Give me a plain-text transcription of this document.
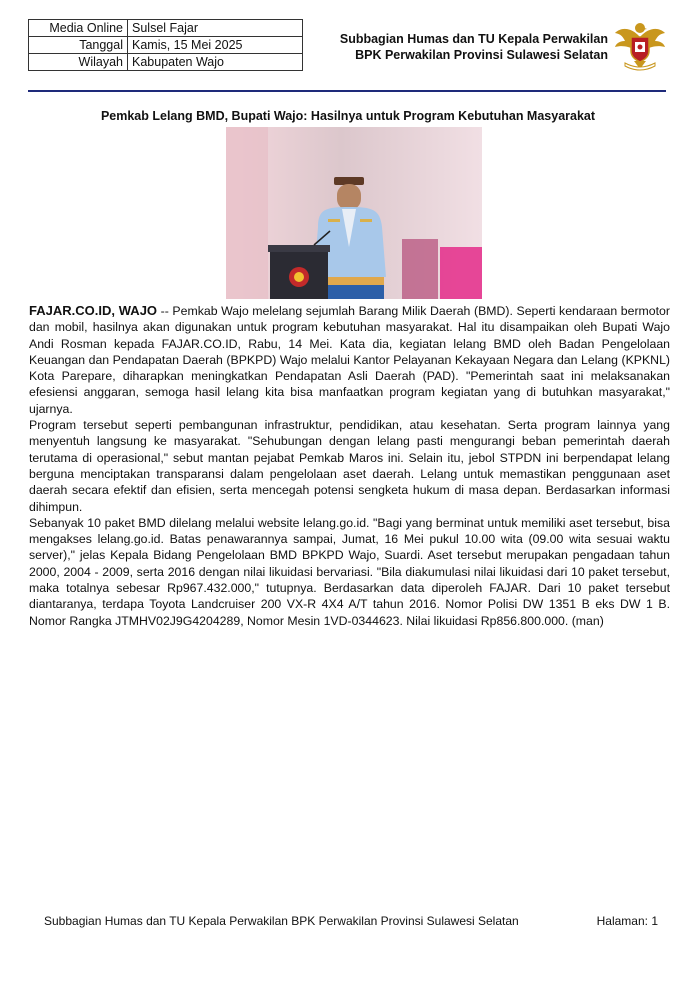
Media Online	Sulsel Fajar
Tanggal	Kamis, 15 Mei 2025
Wilayah	Kabupaten Wajo
Subbagian Humas dan TU Kepala Perwakilan
BPK Perwakilan Provinsi Sulawesi Selatan
Pemkab Lelang BMD, Bupati Wajo: Hasilnya untuk Program Kebutuhan Masyarakat

FAJAR.CO.ID, WAJO -- Pemkab Wajo melelang sejumlah Barang Milik Daerah (BMD). Seperti kendaraan bermotor dan mobil, hasilnya akan digunakan untuk program kebutuhan masyarakat. Hal itu disampaikan oleh Bupati Wajo Andi Rosman kepada FAJAR.CO.ID, Rabu, 14 Mei. Kata dia, kegiatan lelang BMD oleh Badan Pengelolaan Keuangan dan Pendapatan Daerah (BPKPD) Wajo melalui Kantor Pelayanan Kekayaan Negara dan Lelang (KPKNL) Kota Parepare, diharapkan meningkatkan Pendapatan Asli Daerah (PAD). "Pemerintah saat ini melaksanakan efesiensi anggaran, semoga hasil lelang kita bisa manfaatkan program kegiatan yang di butuhkan masyarakat," ujarnya.

Program tersebut seperti pembangunan infrastruktur, pendidikan, atau kesehatan. Serta program lainnya yang menyentuh langsung ke masyarakat. "Sehubungan dengan lelang pasti mengurangi beban pemerintah daerah terutama di operasional," sebut mantan pejabat Pemkab Maros ini. Selain itu, jebol STPDN ini berpendapat lelang berguna menciptakan transparansi dalam pengelolaan aset daerah. Lelang untuk memastikan penggunaan aset daerah secara efektif dan efisien, serta mencegah potensi sengketa hukum di masa depan. Berdasarkan informasi dihimpun.

Sebanyak 10 paket BMD dilelang melalui website lelang.go.id. "Bagi yang berminat untuk memiliki aset tersebut, bisa mengakses lelang.go.id. Batas penawarannya sampai, Jumat, 16 Mei pukul 10.00 wita (09.00 wita sesuai waktu server)," jelas Kepala Bidang Pengelolaan BMD BPKPD Wajo, Suardi. Aset tersebut merupakan pengadaan tahun 2000, 2004 - 2009, serta 2016 dengan nilai likuidasi bervariasi. "Bila diakumulasi nilai likuidasi dari 10 paket tersebut, maka totalnya sebesar Rp967.432.000," tutupnya. Berdasarkan data diperoleh FAJAR. Dari 10 paket tersebut diantaranya, terdapa Toyota Landcruiser 200 VX-R 4X4 A/T tahun 2016. Nomor Polisi DW 1351 B eks DW 1 B. Nomor Rangka JTMHV02J9G4204289, Nomor Mesin 1VD-0344623. Nilai likuidasi Rp856.800.000. (man)

Subbagian Humas dan TU Kepala Perwakilan BPK Perwakilan Provinsi Sulawesi Selatan	Halaman: 1
